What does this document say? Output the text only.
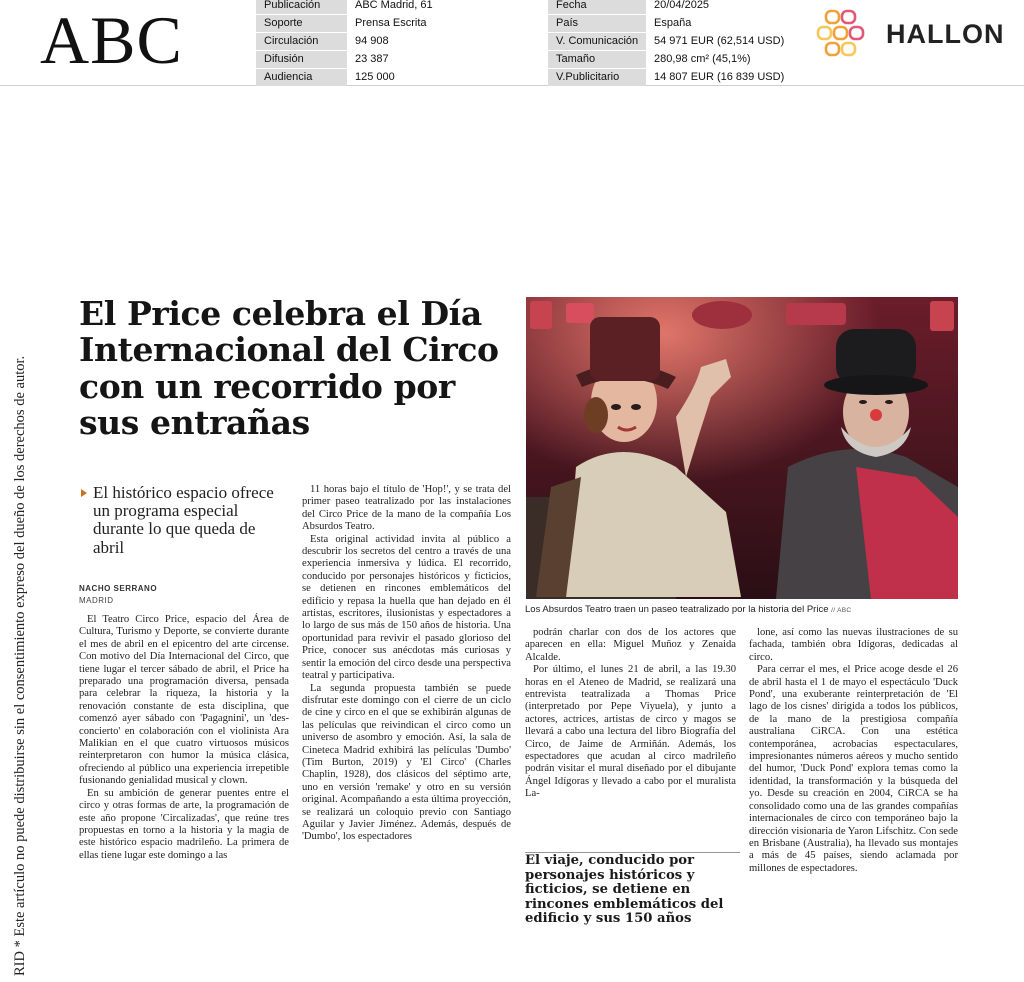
ABC	Publicación	ABC Madrid, 61
Soporte	Prensa Escrita
Circulación	94 908
Difusión	23 387
Audiencia	125 000
Fecha	20/04/2025
País	España
V. Comunicación	54 971 EUR (62,514 USD)
Tamaño	280,98 cm² (45,1%)
V.Publicitario	14 807 EUR (16 839 USD)
HALLON
RID * Este artículo no puede distribuirse sin el consentimiento expreso del dueño de los derechos de autor.
El Price celebra el Día Internacional del Circo con un recorrido por sus entrañas
El histórico espacio ofrece un programa especial durante lo que queda de abril
NACHO SERRANO
MADRID

El Teatro Circo Price, espacio del Área de Cultura, Turismo y Deporte, se convierte durante el mes de abril en el epicentro del arte circense. Con motivo del Día Internacional del Circo, que tiene lugar el tercer sábado de abril, el Price ha preparado una programación diversa, pensada para celebrar la riqueza, la historia y la renovación constante de esta disciplina, que comenzó ayer sábado con 'Pagagnini', un 'des-concierto' en colaboración con el violinista Ara Malikian en el que cuatro virtuosos músicos reinterpretaron con humor la música clásica, ofreciendo al público una experiencia irrepetible fusionando genialidad musical y clown.

En su ambición de generar puentes entre el circo y otras formas de arte, la programación de este año propone 'Circalizadas', que reúne tres propuestas en torno a la historia y la magia de este histórico espacio madrileño. La primera de ellas tiene lugar este domingo a las

11 horas bajo el título de 'Hop!', y se trata del primer paseo teatralizado por las instalaciones del Circo Price de la mano de la compañía Los Absurdos Teatro.

Esta original actividad invita al público a descubrir los secretos del centro a través de una experiencia inmersiva y lúdica. El recorrido, conducido por personajes históricos y ficticios, se detienen en rincones emblemáticos del edificio y repasa la huella que han dejado en él artistas, escritores, ilusionistas y espectadores a lo largo de sus más de 150 años de historia. Una oportunidad para revivir el pasado glorioso del Price, conocer sus anécdotas más curiosas y sentir la emoción del circo desde una perspectiva teatral y participativa.

La segunda propuesta también se puede disfrutar este domingo con el cierre de un ciclo de cine y circo en el que se exhibirán algunas de las películas que reivindican el circo como un universo de asombro y emoción. Así, la sala de Cineteca Madrid exhibirá las películas 'Dumbo' (Tim Burton, 2019) y 'El Circo' (Charles Chaplin, 1928), dos clásicos del séptimo arte, uno en versión 'remake' y otro en su versión original. Acompañando a esta última proyección, se realizará un coloquio previo con Santiago Aguilar y Javier Jiménez. Además, después de 'Dumbo', los espectadores

podrán charlar con dos de los actores que aparecen en ella: Miguel Muñoz y Zenaida Alcalde.

Por último, el lunes 21 de abril, a las 19.30 horas en el Ateneo de Madrid, se realizará una entrevista teatralizada a Thomas Price (interpretado por Pepe Viyuela), y junto a actores, actrices, artistas de circo y magos se llevará a cabo una lectura del libro Biografía del Circo, de Jaime de Armiñán. Además, los espectadores que acudan al circo madrileño podrán visitar el mural diseñado por el dibujante Ángel Idígoras y llevado a cabo por el muralista La-

El viaje, conducido por personajes históricos y ficticios, se detiene en rincones emblemáticos del edificio y sus 150 años

lone, así como las nuevas ilustraciones de su fachada, también obra Idígoras, dedicadas al circo.

Para cerrar el mes, el Price acoge desde el 26 de abril hasta el 1 de mayo el espectáculo 'Duck Pond', una exuberante reinterpretación de 'El lago de los cisnes' dirigida a todos los públicos, de la mano de la prestigiosa compañía australiana CiRCA. Con una estética contemporánea, acrobacias espectaculares, impresionantes números aéreos y mucho sentido del humor, 'Duck Pond' explora temas como la identidad, la transformación y la búsqueda del yo. Desde su creación en 2004, CiRCA se ha consolidado como una de las grandes compañías internacionales de circo con temporáneo bajo la dirección visionaria de Yaron Lifschitz. Con sede en Brisbane (Australia), ha llevado sus montajes a más de 45 países, siendo aclamada por millones de espectadores.

Los Absurdos Teatro traen un paseo teatralizado por la historia del Price // ABC
